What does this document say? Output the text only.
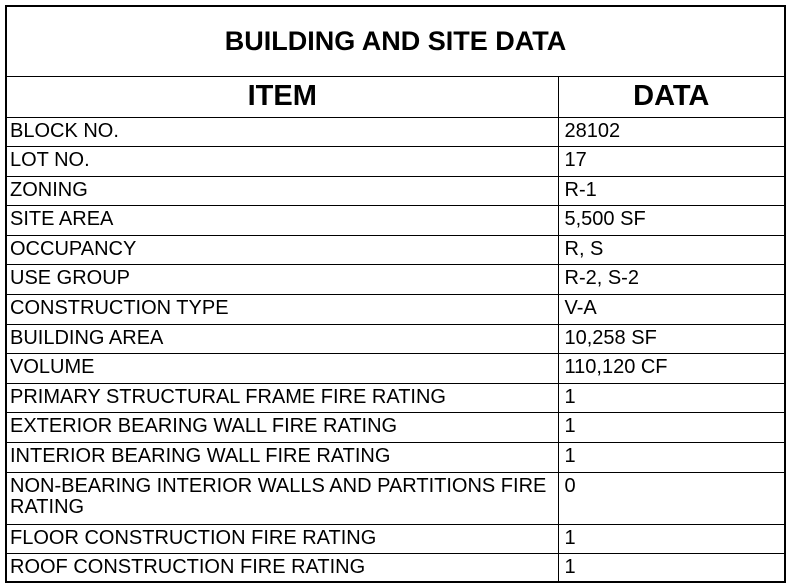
BUILDING AND SITE DATA
ITEM	DATA
BLOCK NO.	28102
LOT NO.	17
ZONING	R-1
SITE AREA	5,500 SF
OCCUPANCY	R, S
USE GROUP	R-2, S-2
CONSTRUCTION TYPE	V-A
BUILDING AREA	10,258 SF
VOLUME	110,120 CF
PRIMARY STRUCTURAL FRAME FIRE RATING	1
EXTERIOR BEARING WALL FIRE RATING	1
INTERIOR BEARING WALL FIRE RATING	1
NON-BEARING INTERIOR WALLS AND PARTITIONS FIRE RATING	0
FLOOR CONSTRUCTION FIRE RATING	1
ROOF CONSTRUCTION FIRE RATING	1
